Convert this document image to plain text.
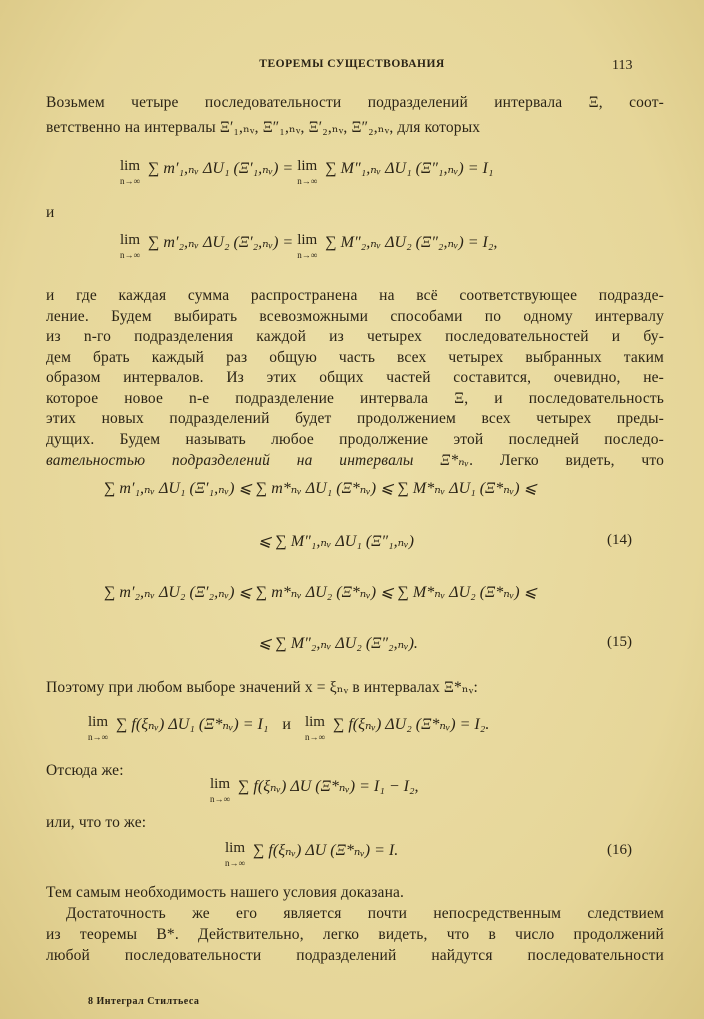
ТЕОРЕМЫ СУЩЕСТВОВАНИЯ	113
Возьмем четыре последовательности подразделений интервала Ξ, соот-
ветственно на интервалы Ξ′₁,ₙᵥ, Ξ″₁,ₙᵥ, Ξ′₂,ₙᵥ, Ξ″₂,ₙᵥ, для которых
lim
n→∞
∑ m′₁,ₙᵥ ΔU₁ (Ξ′₁,ₙᵥ) = lim
n→∞
∑ M″₁,ₙᵥ ΔU₁ (Ξ″₁,ₙᵥ) = I₁
и
lim
n→∞
∑ m′₂,ₙᵥ ΔU₂ (Ξ′₂,ₙᵥ) = lim
n→∞
∑ M″₂,ₙᵥ ΔU₂ (Ξ″₂,ₙᵥ) = I₂,
и где каждая сумма распространена на всё соответствующее подразде-
ление. Будем выбирать всевозможными способами по одному интервалу
из n-го подразделения каждой из четырех последовательностей и бу-
дем брать каждый раз общую часть всех четырех выбранных таким
образом интервалов. Из этих общих частей составится, очевидно, не-
которое новое n-е подразделение интервала Ξ, и последовательность
этих новых подразделений будет продолжением всех четырех преды-
дущих. Будем называть любое продолжение этой последней последо-
вательностью подразделений на интервалы Ξ*ₙᵥ. Легко видеть, что
∑ m′₁,ₙᵥ ΔU₁ (Ξ′₁,ₙᵥ) ⩽ ∑ m*ₙᵥ ΔU₁ (Ξ*ₙᵥ) ⩽ ∑ M*ₙᵥ ΔU₁ (Ξ*ₙᵥ) ⩽
⩽ ∑ M″₁,ₙᵥ ΔU₁ (Ξ″₁,ₙᵥ)	(14)
∑ m′₂,ₙᵥ ΔU₂ (Ξ′₂,ₙᵥ) ⩽ ∑ m*ₙᵥ ΔU₂ (Ξ*ₙᵥ) ⩽ ∑ M*ₙᵥ ΔU₂ (Ξ*ₙᵥ) ⩽
⩽ ∑ M″₂,ₙᵥ ΔU₂ (Ξ″₂,ₙᵥ).	(15)
Поэтому при любом выборе значений x = ξₙᵥ в интервалах Ξ*ₙᵥ:
lim
n→∞
∑ f(ξₙᵥ) ΔU₁ (Ξ*ₙᵥ) = I₁ и lim
n→∞
∑ f(ξₙᵥ) ΔU₂ (Ξ*ₙᵥ) = I₂.
Отсюда же:
lim
n→∞
∑ f(ξₙᵥ) ΔU (Ξ*ₙᵥ) = I₁ − I₂,
или, что то же:
lim
n→∞
∑ f(ξₙᵥ) ΔU (Ξ*ₙᵥ) = I.	(16)
Тем самым необходимость нашего условия доказана.
Достаточность же его является почти непосредственным следствием
из теоремы B*. Действительно, легко видеть, что в число продолжений
любой последовательности подразделений найдутся последовательности
8 Интеграл Стилтьеса
